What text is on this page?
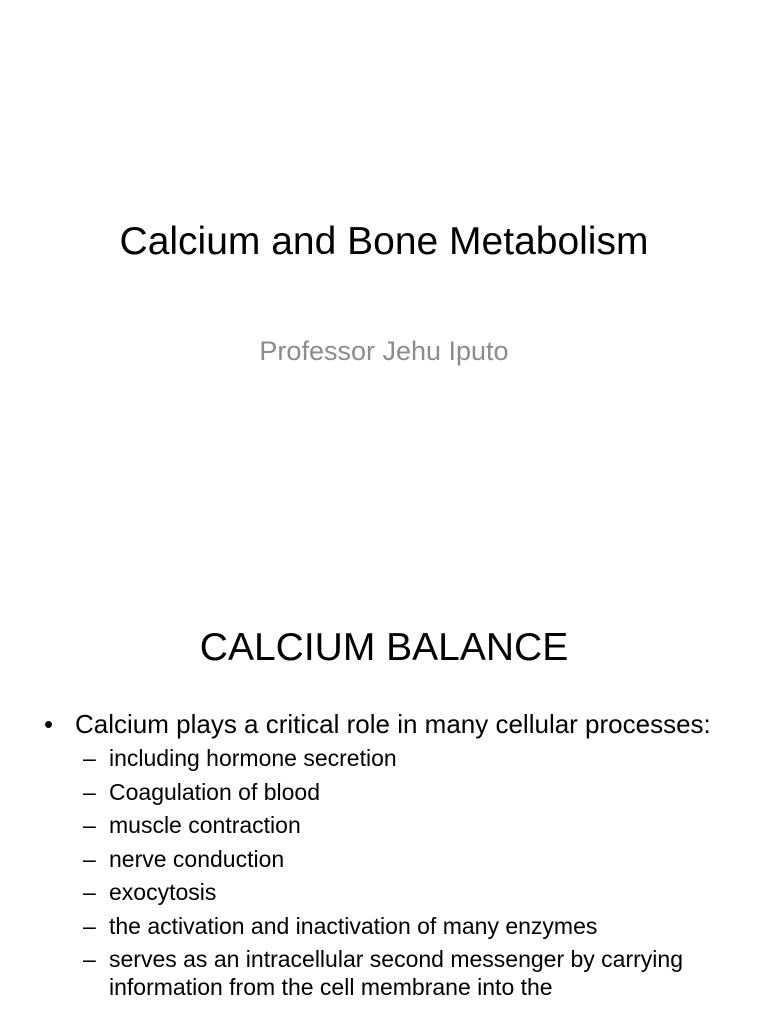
Calcium and Bone Metabolism
Professor Jehu Iputo
CALCIUM BALANCE
• Calcium plays a critical role in many cellular processes:
– including hormone secretion
– Coagulation of blood
– muscle contraction
– nerve conduction
– exocytosis
– the activation and inactivation of many enzymes
– serves as an intracellular second messenger by carrying information from the cell membrane into the
